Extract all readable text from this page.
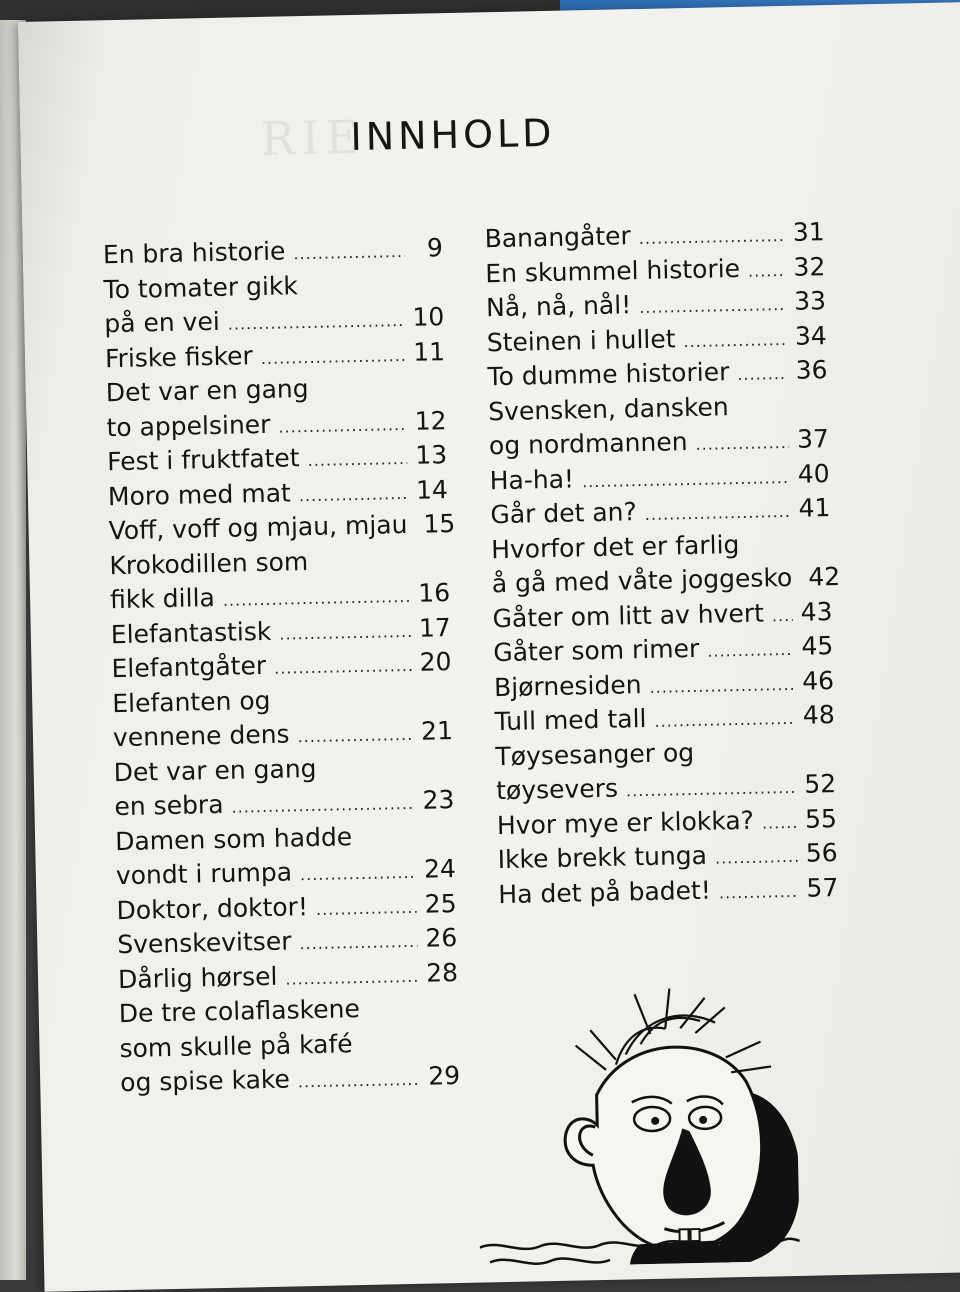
RIE
INNHOLD
En bra historie .....	9
To tomater gikk
på en vei .....	10
Friske fisker .....	11
Det var en gang
to appelsiner .....	12
Fest i fruktfatet .....	13
Moro med mat .....	14
Voff, voff og mjau, mjau ..... 15
Krokodillen som
fikk dilla .....	16
Elefantastisk .....	17
Elefantgåter .....	20
Elefanten og
vennene dens .....	21
Det var en gang
en sebra .....	23
Damen som hadde
vondt i rumpa .....	24
Doktor, doktor! .....	25
Svenskevitser .....	26
Dårlig hørsel .....	28
De tre colaflaskene
som skulle på kafé
og spise kake .....	29
Banangåter .....	31
En skummel historie ..... 32
Nå, nå, nål! .....	33
Steinen i hullet .....	34
To dumme historier .....	36
Svensken, dansken
og nordmannen .....	37
Ha-ha! .....	40
Går det an? .....	41
Hvorfor det er farlig
å gå med våte joggesko ..... 42
Gåter om litt av hvert ..... 43
Gåter som rimer .....	45
Bjørnesiden .....	46
Tull med tall .....	48
Tøysesanger og
tøysevers .....	52
Hvor mye er klokka? ..... 55
Ikke brekk tunga .....	56
Ha det på badet! .....	57
